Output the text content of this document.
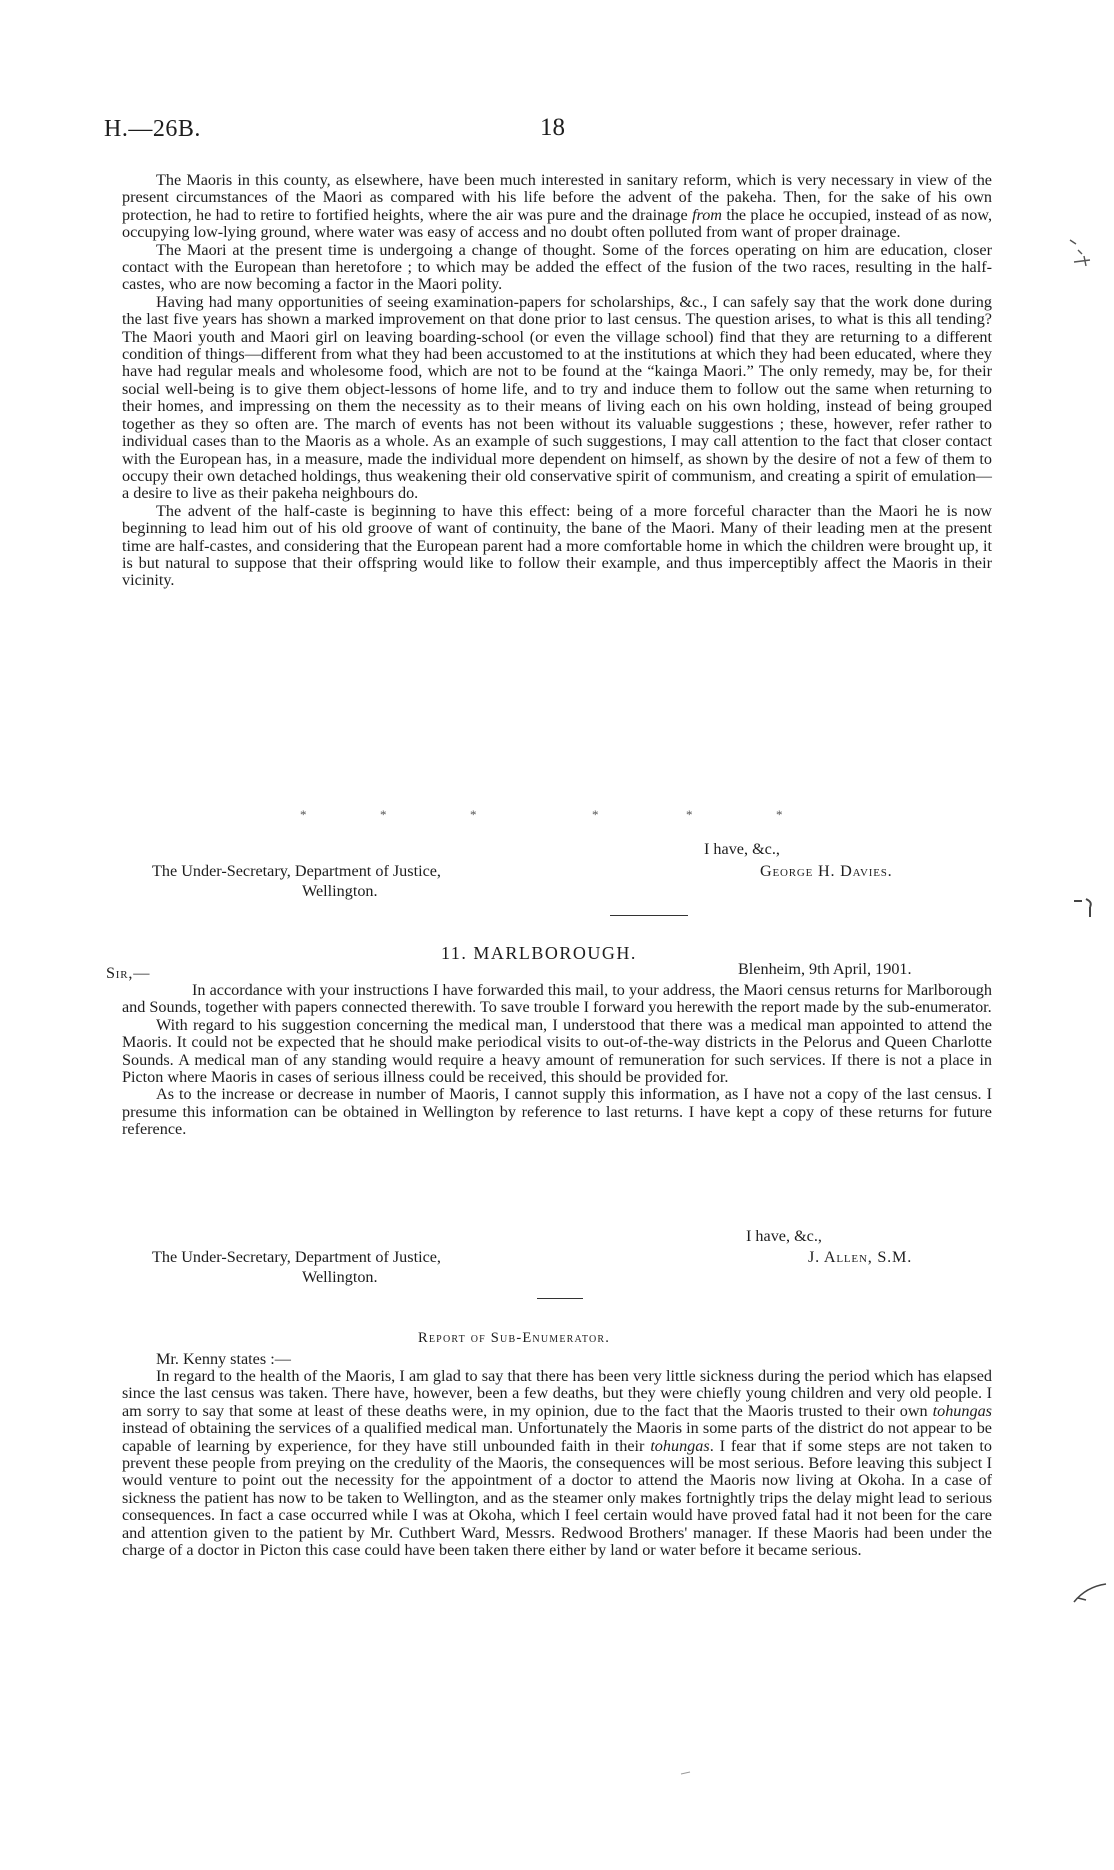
H.—26B.	18

The Maoris in this county, as elsewhere, have been much interested in sanitary reform, which is very necessary in view of the present circumstances of the Maori as compared with his life before the advent of the pakeha. Then, for the sake of his own protection, he had to retire to fortified heights, where the air was pure and the drainage from the place he occupied, instead of as now, occupying low-lying ground, where water was easy of access and no doubt often polluted from want of proper drainage.

The Maori at the present time is undergoing a change of thought. Some of the forces operating on him are education, closer contact with the European than heretofore ; to which may be added the effect of the fusion of the two races, resulting in the half-castes, who are now becoming a factor in the Maori polity.

Having had many opportunities of seeing examination-papers for scholarships, &c., I can safely say that the work done during the last five years has shown a marked improvement on that done prior to last census. The question arises, to what is this all tending? The Maori youth and Maori girl on leaving boarding-school (or even the village school) find that they are returning to a different condition of things—different from what they had been accustomed to at the institutions at which they had been educated, where they have had regular meals and wholesome food, which are not to be found at the “kainga Maori.” The only remedy, may be, for their social well-being is to give them object-lessons of home life, and to try and induce them to follow out the same when returning to their homes, and impressing on them the necessity as to their means of living each on his own holding, instead of being grouped together as they so often are. The march of events has not been without its valuable suggestions ; these, however, refer rather to individual cases than to the Maoris as a whole. As an example of such suggestions, I may call attention to the fact that closer contact with the European has, in a measure, made the individual more dependent on himself, as shown by the desire of not a few of them to occupy their own detached holdings, thus weakening their old conservative spirit of communism, and creating a spirit of emulation—a desire to live as their pakeha neighbours do.

The advent of the half-caste is beginning to have this effect: being of a more forceful character than the Maori he is now beginning to lead him out of his old groove of want of continuity, the bane of the Maori. Many of their leading men at the present time are half-castes, and considering that the European parent had a more comfortable home in which the children were brought up, it is but natural to suppose that their offspring would like to follow their example, and thus imperceptibly affect the Maoris in their vicinity.

*	*	*	*	*	*
I have, &c.,
The Under-Secretary, Department of Justice,	George H. Davies.
Wellington.
11. MARLBOROUGH.
Sir,—	Blenheim, 9th April, 1901.

In accordance with your instructions I have forwarded this mail, to your address, the Maori census returns for Marlborough and Sounds, together with papers connected therewith. To save trouble I forward you herewith the report made by the sub-enumerator.

With regard to his suggestion concerning the medical man, I understood that there was a medical man appointed to attend the Maoris. It could not be expected that he should make periodical visits to out-of-the-way districts in the Pelorus and Queen Charlotte Sounds. A medical man of any standing would require a heavy amount of remuneration for such services. If there is not a place in Picton where Maoris in cases of serious illness could be received, this should be provided for.

As to the increase or decrease in number of Maoris, I cannot supply this information, as I have not a copy of the last census. I presume this information can be obtained in Wellington by reference to last returns. I have kept a copy of these returns for future reference.

I have, &c.,
The Under-Secretary, Department of Justice,	J. Allen, S.M.
Wellington.
Report of Sub-Enumerator.
Mr. Kenny states :—

In regard to the health of the Maoris, I am glad to say that there has been very little sickness during the period which has elapsed since the last census was taken. There have, however, been a few deaths, but they were chiefly young children and very old people. I am sorry to say that some at least of these deaths were, in my opinion, due to the fact that the Maoris trusted to their own tohungas instead of obtaining the services of a qualified medical man. Unfortunately the Maoris in some parts of the district do not appear to be capable of learning by experience, for they have still unbounded faith in their tohungas. I fear that if some steps are not taken to prevent these people from preying on the credulity of the Maoris, the consequences will be most serious. Before leaving this subject I would venture to point out the necessity for the appointment of a doctor to attend the Maoris now living at Okoha. In a case of sickness the patient has now to be taken to Wellington, and as the steamer only makes fortnightly trips the delay might lead to serious consequences. In fact a case occurred while I was at Okoha, which I feel certain would have proved fatal had it not been for the care and attention given to the patient by Mr. Cuthbert Ward, Messrs. Redwood Brothers' manager. If these Maoris had been under the charge of a doctor in Picton this case could have been taken there either by land or water before it became serious.
